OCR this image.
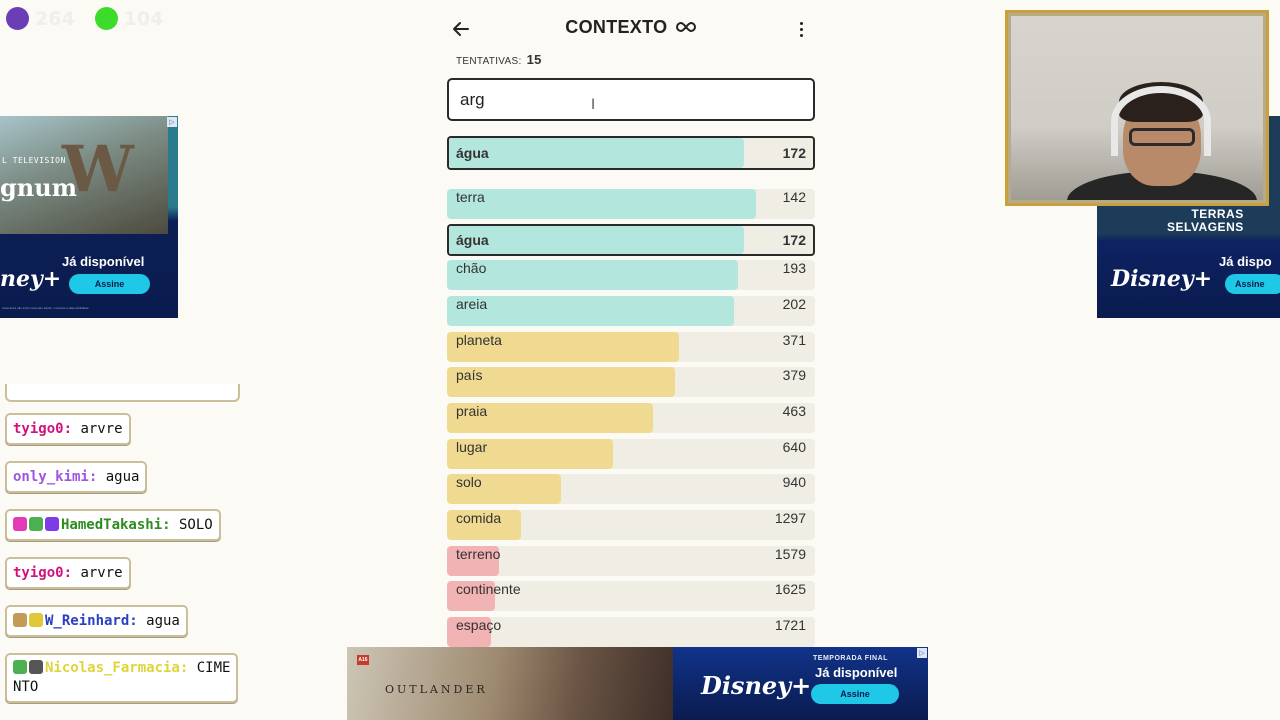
264	104	CONTEXTO
TENTATIVAS: 15
arg
I
água	172
terra	142
água	172
chão	193
areia	202
planeta	371
país	379
praia	463
lugar	640
solo	940
comida	1297
terreno	1579
continente	1625
espaço	1721
W
L TELEVISION
gnum
Já disponível
ney+	Assine
Assinatura não inclui conteúdo adulto. Consulte a disponibilidade.
▷
TERRAS
SELVAGENS
Disney+
Já dispo
Assine
A16
OUTLANDER	Disney+
TEMPORADA FINAL
Já disponível
Assine
▷
tyigo0: arvre
only_kimi: agua
HamedTakashi: SOLO
tyigo0: arvre
W_Reinhard: agua
Nicolas_Farmacia: CIME
NTO
